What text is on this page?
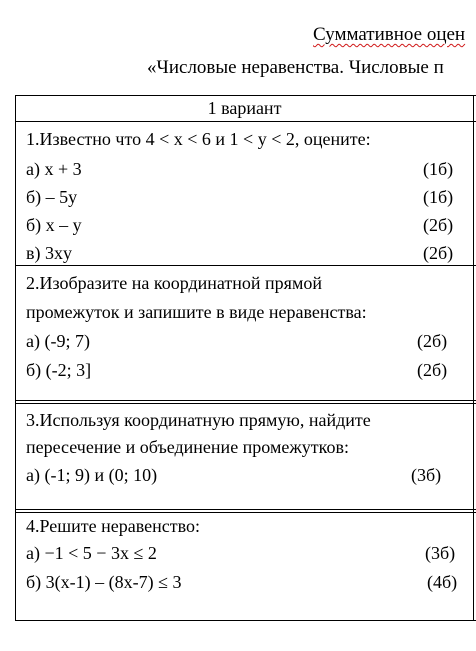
Суммативное оцен
«Числовые неравенства. Числовые п
1 вариант
1.Известно что 4 < x < 6 и 1 < y < 2, оцените:
а) x + 3	(1б)
б) – 5y	(1б)
б) x – y	(2б)
в) 3xy	(2б)
2.Изобразите на координатной прямой
промежуток и запишите в виде неравенства:
а) (-9; 7)	(2б)
б) (-2; 3]	(2б)
3.Используя координатную прямую, найдите
пересечение и объединение промежутков:
а) (-1; 9) и (0; 10)	(3б)
4.Решите неравенство:
а) −1 < 5 − 3x ≤ 2	(3б)
б) 3(x-1) – (8x-7) ≤ 3	(4б)
